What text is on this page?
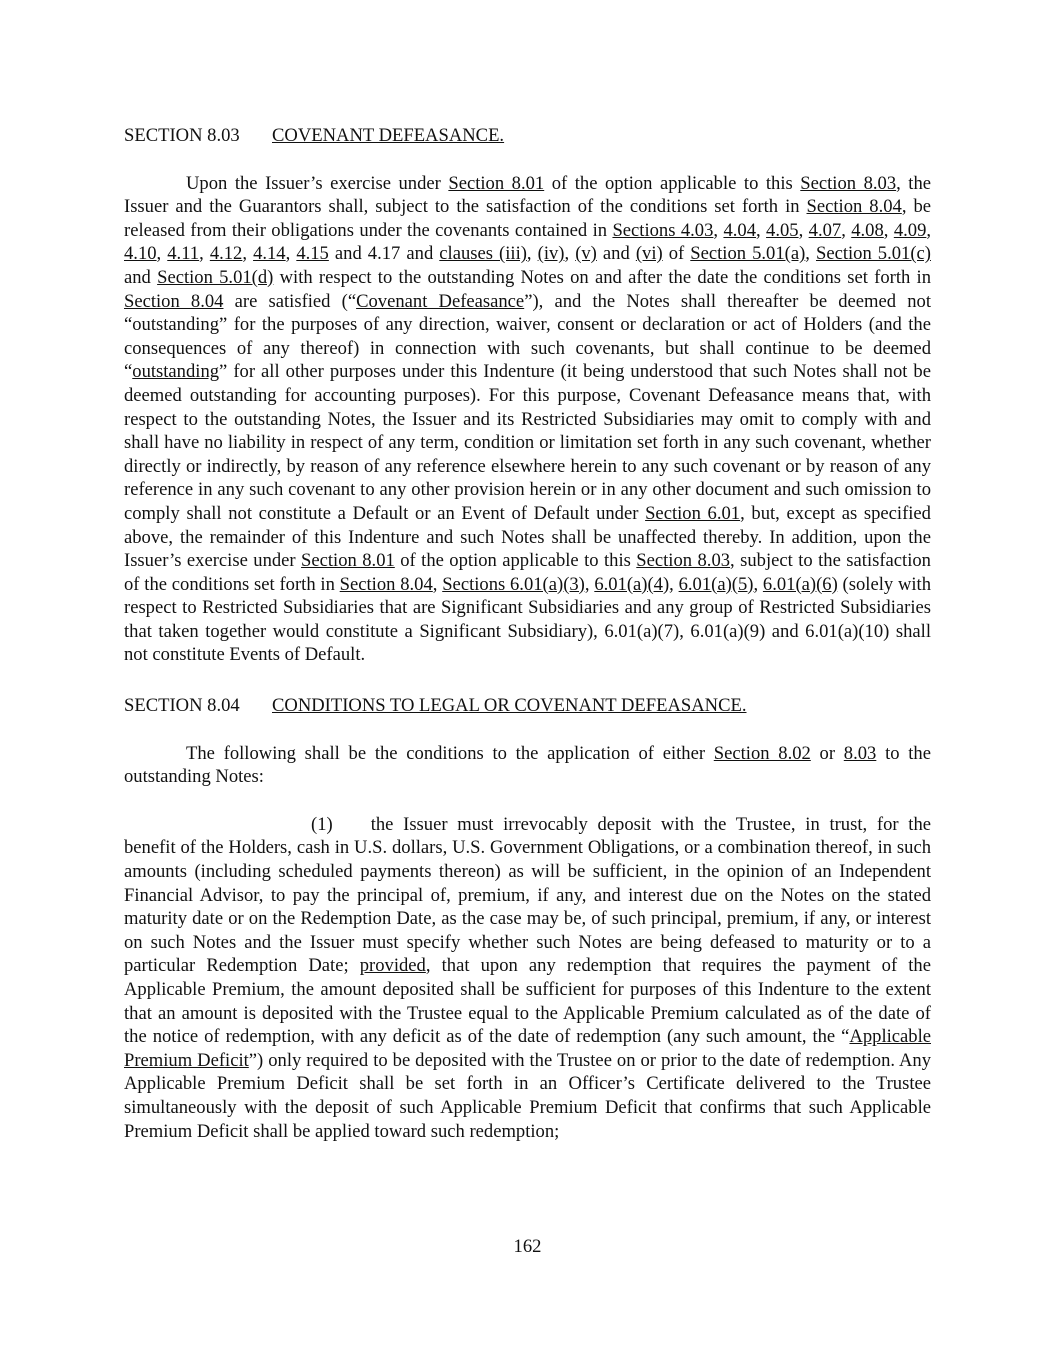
SECTION 8.03 COVENANT DEFEASANCE.

Upon the Issuer’s exercise under Section 8.01 of the option applicable to this Section 8.03, the Issuer and the Guarantors shall, subject to the satisfaction of the conditions set forth in Section 8.04, be released from their obligations under the covenants contained in Sections 4.03, 4.04, 4.05, 4.07, 4.08, 4.09, 4.10, 4.11, 4.12, 4.14, 4.15 and 4.17 and clauses (iii), (iv), (v) and (vi) of Section 5.01(a), Section 5.01(c) and Section 5.01(d) with respect to the outstanding Notes on and after the date the conditions set forth in Section 8.04 are satisfied (“Covenant Defeasance”), and the Notes shall thereafter be deemed not “outstanding” for the purposes of any direction, waiver, consent or declaration or act of Holders (and the consequences of any thereof) in connection with such covenants, but shall continue to be deemed “outstanding” for all other purposes under this Indenture (it being understood that such Notes shall not be deemed outstanding for accounting purposes). For this purpose, Covenant Defeasance means that, with respect to the outstanding Notes, the Issuer and its Restricted Subsidiaries may omit to comply with and shall have no liability in respect of any term, condition or limitation set forth in any such covenant, whether directly or indirectly, by reason of any reference elsewhere herein to any such covenant or by reason of any reference in any such covenant to any other provision herein or in any other document and such omission to comply shall not constitute a Default or an Event of Default under Section 6.01, but, except as specified above, the remainder of this Indenture and such Notes shall be unaffected thereby. In addition, upon the Issuer’s exercise under Section 8.01 of the option applicable to this Section 8.03, subject to the satisfaction of the conditions set forth in Section 8.04, Sections 6.01(a)(3), 6.01(a)(4), 6.01(a)(5), 6.01(a)(6) (solely with respect to Restricted Subsidiaries that are Significant Subsidiaries and any group of Restricted Subsidiaries that taken together would constitute a Significant Subsidiary), 6.01(a)(7), 6.01(a)(9) and 6.01(a)(10) shall not constitute Events of Default.

SECTION 8.04 CONDITIONS TO LEGAL OR COVENANT DEFEASANCE.

The following shall be the conditions to the application of either Section 8.02 or 8.03 to the outstanding Notes:

(1) the Issuer must irrevocably deposit with the Trustee, in trust, for the benefit of the Holders, cash in U.S. dollars, U.S. Government Obligations, or a combination thereof, in such amounts (including scheduled payments thereon) as will be sufficient, in the opinion of an Independent Financial Advisor, to pay the principal of, premium, if any, and interest due on the Notes on the stated maturity date or on the Redemption Date, as the case may be, of such principal, premium, if any, or interest on such Notes and the Issuer must specify whether such Notes are being defeased to maturity or to a particular Redemption Date; provided, that upon any redemption that requires the payment of the Applicable Premium, the amount deposited shall be sufficient for purposes of this Indenture to the extent that an amount is deposited with the Trustee equal to the Applicable Premium calculated as of the date of the notice of redemption, with any deficit as of the date of redemption (any such amount, the “Applicable Premium Deficit”) only required to be deposited with the Trustee on or prior to the date of redemption. Any Applicable Premium Deficit shall be set forth in an Officer’s Certificate delivered to the Trustee simultaneously with the deposit of such Applicable Premium Deficit that confirms that such Applicable Premium Deficit shall be applied toward such redemption;

162
